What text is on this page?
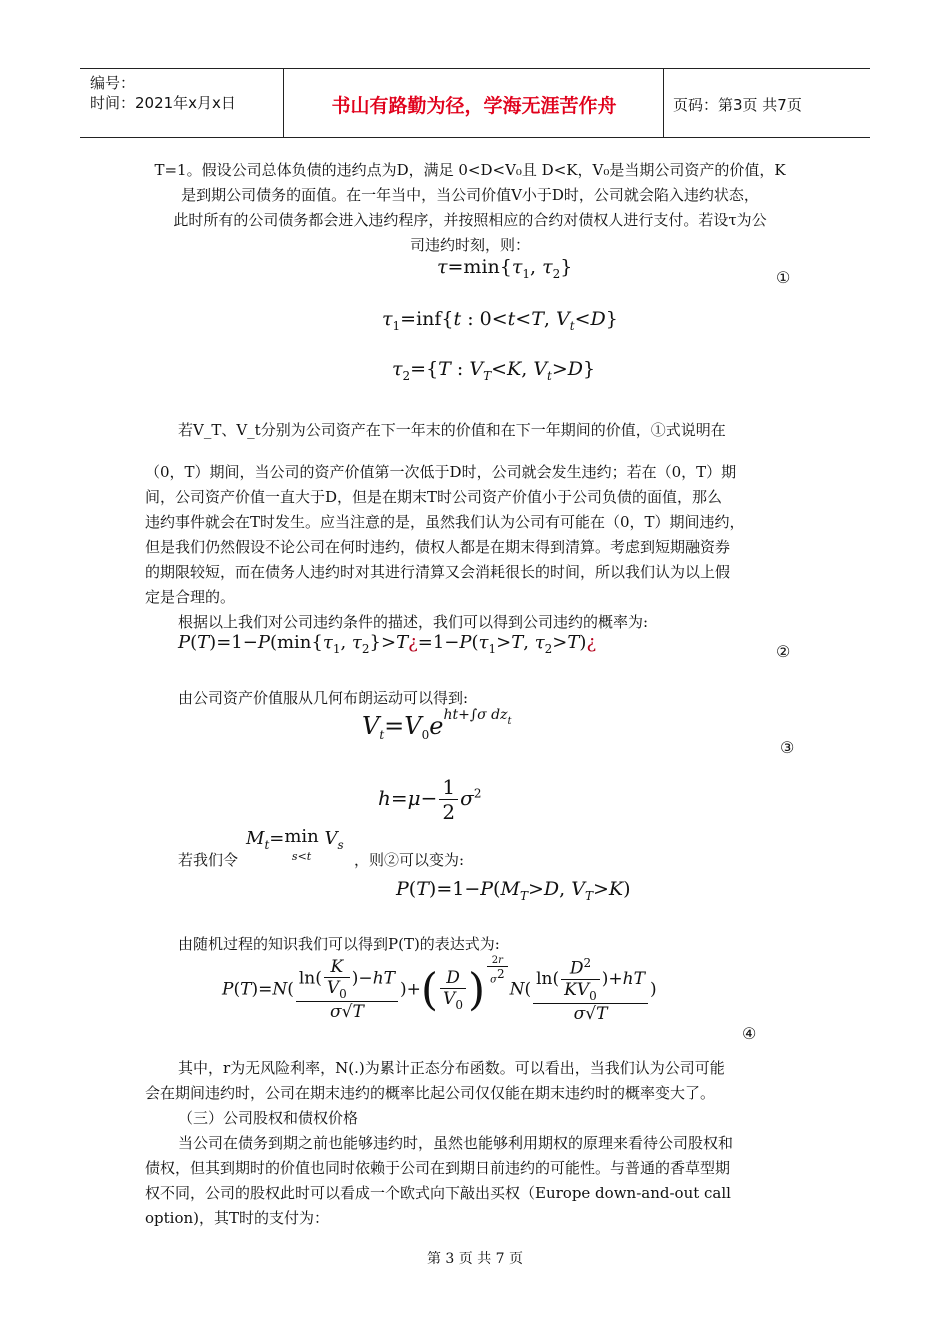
编号：
时间：2021年x月x日	书山有路勤为径，学海无涯苦作舟	页码：第3页 共7页
T=1。假设公司总体负债的违约点为D，满足 0<D<V₀且 D<K，V₀是当期公司资产的价值，K
是到期公司债务的面值。在一年当中，当公司价值V小于D时，公司就会陷入违约状态，
此时所有的公司债务都会进入违约程序，并按照相应的合约对债权人进行支付。若设τ为公
司违约时刻，则：
$\tau=\min\{\tau_1$, $\tau_2$}	①
$\tau_1=inf\{t$ : 0<t<T, $V_t<D$}
$\tau_2=\{T$ : $V_T<K$, $V_t>D$}
若V_T、V_t分别为公司资产在下一年末的价值和在下一年期间的价值，①式说明在
（0，T）期间，当公司的资产价值第一次低于D时，公司就会发生违约；若在（0，T）期
间，公司资产价值一直大于D，但是在期末T时公司资产价值小于公司负债的面值，那么
违约事件就会在T时发生。应当注意的是，虽然我们认为公司有可能在（0，T）期间违约，
但是我们仍然假设不论公司在何时违约，债权人都是在期末得到清算。考虑到短期融资券
的期限较短，而在债务人违约时对其进行清算又会消耗很长的时间，所以我们认为以上假
定是合理的。
根据以上我们对公司违约条件的描述，我们可以得到公司违约的概率为:
$P(T)=1-P(\min\{\tau_1$, $\tau_2\}>T¿=1-P(\tau_1>T$, $\tau_2>T)¿$	②
由公司资产价值服从几何布朗运动可以得到:
$V_t=V_0e^{ht+\int\sigma dz_t}$
③
$h=\mu- \frac{1}{2} \sigma^2$
若我们令
$M_t=\min$
s<t $V_s$
，则②可以变为:
$P(T)=1-P(M_T>D$, $V_T>K$)
由随机过程的知识我们可以得到P(T)的表达式为:
$P(T)=N( \frac{\ln( \frac{K}{V_0} )-hT}{\sigma√T}$ )+( $\frac{D}{V_0}$ ) $^{\frac{2r}{\sigma^2}}$
$N( \frac{\ln( \frac{D^2}{KV_0} )+hT}{\sigma√T}$ )
④
其中，r为无风险利率，N(.)为累计正态分布函数。可以看出，当我们认为公司可能
会在期间违约时，公司在期末违约的概率比起公司仅仅能在期末违约时的概率变大了。
（三）公司股权和债权价格
当公司在债务到期之前也能够违约时，虽然也能够利用期权的原理来看待公司股权和
债权，但其到期时的价值也同时依赖于公司在到期日前违约的可能性。与普通的香草型期
权不同，公司的股权此时可以看成一个欧式向下敲出买权（Europe down-and-out call
option)，其T时的支付为：
第 3 页 共 7 页
